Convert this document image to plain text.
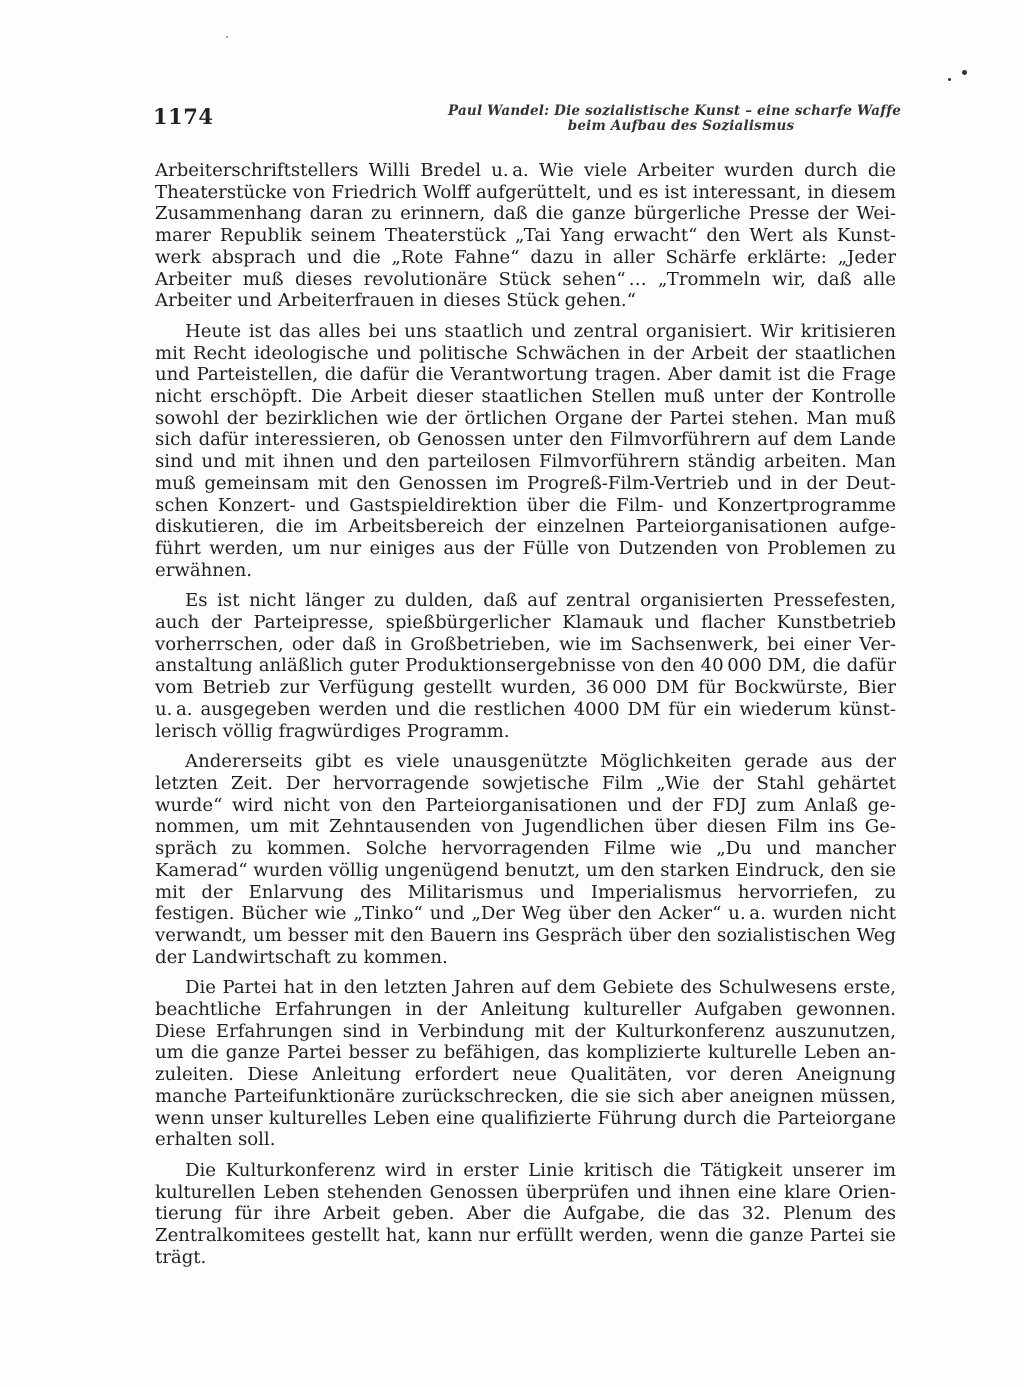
1174	Paul Wandel: Die sozialistische Kunst – eine scharfe Waffe
beim Aufbau des Sozialismus

Arbeiterschriftstellers Willi Bredel u. a. Wie viele Arbeiter wurden durch die Theaterstücke von Friedrich Wolff aufgerüttelt, und es ist interessant, in diesem Zusammenhang daran zu erinnern, daß die ganze bürgerliche Presse der Weimarer Republik seinem Theaterstück „Tai Yang erwacht“ den Wert als Kunstwerk absprach und die „Rote Fahne“ dazu in aller Schärfe erklärte: „Jeder Arbeiter muß dieses revolutionäre Stück sehen“ … „Trommeln wir, daß alle Arbeiter und Arbeiterfrauen in dieses Stück gehen.“

Heute ist das alles bei uns staatlich und zentral organisiert. Wir kritisieren mit Recht ideologische und politische Schwächen in der Arbeit der staatlichen und Parteistellen, die dafür die Verantwortung tragen. Aber damit ist die Frage nicht erschöpft. Die Arbeit dieser staatlichen Stellen muß unter der Kontrolle sowohl der bezirklichen wie der örtlichen Organe der Partei stehen. Man muß sich dafür interessieren, ob Genossen unter den Filmvorführern auf dem Lande sind und mit ihnen und den parteilosen Filmvorführern ständig arbeiten. Man muß gemeinsam mit den Genossen im Progreß-Film-Vertrieb und in der Deutschen Konzert- und Gastspieldirektion über die Film- und Konzertprogramme diskutieren, die im Arbeitsbereich der einzelnen Parteiorganisationen aufgeführt werden, um nur einiges aus der Fülle von Dutzenden von Problemen zu erwähnen.

Es ist nicht länger zu dulden, daß auf zentral organisierten Pressefesten, auch der Parteipresse, spießbürgerlicher Klamauk und flacher Kunstbetrieb vorherrschen, oder daß in Großbetrieben, wie im Sachsenwerk, bei einer Veranstaltung anläßlich guter Produktionsergebnisse von den 40 000 DM, die dafür vom Betrieb zur Verfügung gestellt wurden, 36 000 DM für Bockwürste, Bier u. a. ausgegeben werden und die restlichen 4000 DM für ein wiederum künstlerisch völlig fragwürdiges Programm.

Andererseits gibt es viele unausgenützte Möglichkeiten gerade aus der letzten Zeit. Der hervorragende sowjetische Film „Wie der Stahl gehärtet wurde“ wird nicht von den Parteiorganisationen und der FDJ zum Anlaß genommen, um mit Zehntausenden von Jugendlichen über diesen Film ins Gespräch zu kommen. Solche hervorragenden Filme wie „Du und mancher Kamerad“ wurden völlig ungenügend benutzt, um den starken Eindruck, den sie mit der Enlarvung des Militarismus und Imperialismus hervorriefen, zu festigen. Bücher wie „Tinko“ und „Der Weg über den Acker“ u. a. wurden nicht verwandt, um besser mit den Bauern ins Gespräch über den sozialistischen Weg der Landwirtschaft zu kommen.

Die Partei hat in den letzten Jahren auf dem Gebiete des Schulwesens erste, beachtliche Erfahrungen in der Anleitung kultureller Aufgaben gewonnen. Diese Erfahrungen sind in Verbindung mit der Kulturkonferenz auszunutzen, um die ganze Partei besser zu befähigen, das komplizierte kulturelle Leben anzuleiten. Diese Anleitung erfordert neue Qualitäten, vor deren Aneignung manche Parteifunktionäre zurückschrecken, die sie sich aber aneignen müssen, wenn unser kulturelles Leben eine qualifizierte Führung durch die Parteiorgane erhalten soll.

Die Kulturkonferenz wird in erster Linie kritisch die Tätigkeit unserer im kulturellen Leben stehenden Genossen überprüfen und ihnen eine klare Orientierung für ihre Arbeit geben. Aber die Aufgabe, die das 32. Plenum des Zentralkomitees gestellt hat, kann nur erfüllt werden, wenn die ganze Partei sie trägt.
